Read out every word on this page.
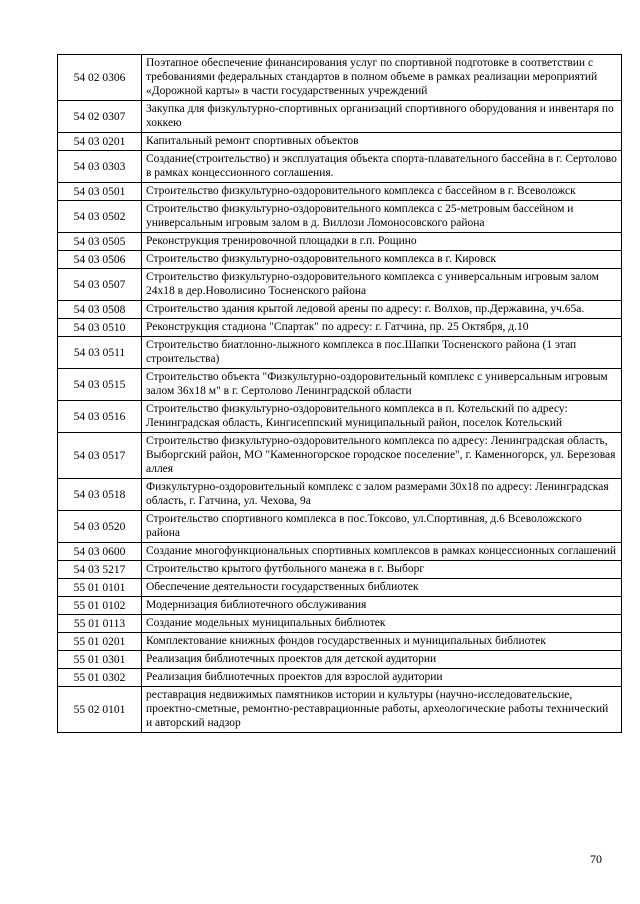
54 02 0306	Поэтапное обеспечение финансирования услуг по спортивной подготовке в соответствии с требованиями федеральных стандартов в полном объеме в рамках реализации мероприятий «Дорожной карты» в части государственных учреждений
54 02 0307	Закупка для физкультурно-спортивных организаций спортивного оборудования и инвентаря по хоккею
54 03 0201	Капитальный ремонт спортивных объектов
54 03 0303	Создание(строительство) и эксплуатация объекта спорта-плавательного бассейна в г. Сертолово в рамках концессионного соглашения.
54 03 0501	Строительство физкультурно-оздоровительного комплекса с бассейном в г. Всеволожск
54 03 0502	Строительство физкультурно-оздоровительного комплекса с 25-метровым бассейном и универсальным игровым залом в д. Виллози Ломоносовского района
54 03 0505	Реконструкция тренировочной площадки в г.п. Рощино
54 03 0506	Строительство физкультурно-оздоровительного комплекса в г. Кировск
54 03 0507	Строительство физкультурно-оздоровительного комплекса с универсальным игровым залом 24х18 в дер.Новолисино Тосненского района
54 03 0508	Строительство здания крытой ледовой арены по адресу: г. Волхов, пр.Державина, уч.65а.
54 03 0510	Реконструкция стадиона "Спартак" по адресу: г. Гатчина, пр. 25 Октября, д.10
54 03 0511	Строительство биатлонно-лыжного комплекса в пос.Шапки Тосненского района (1 этап строительства)
54 03 0515	Строительство объекта "Физкультурно-оздоровительный комплекс с универсальным игровым залом 36х18 м" в г. Сертолово Ленинградской области
54 03 0516	Строительство физкультурно-оздоровительного комплекса в п. Котельский по адресу: Ленинградская область, Кингисеппский муниципальный район, поселок Котельский
54 03 0517	Строительство физкультурно-оздоровительного комплекса по адресу: Ленинградская область, Выборгский район, МО "Каменногорское городское поселение", г. Каменногорск, ул. Березовая аллея
54 03 0518	Физкультурно-оздоровительный комплекс с залом размерами 30х18 по адресу: Ленинградская область, г. Гатчина, ул. Чехова, 9а
54 03 0520	Строительство спортивного комплекса в пос.Токсово, ул.Спортивная, д.6 Всеволожского района
54 03 0600	Создание многофункциональных спортивных комплексов в рамках концессионных соглашений
54 03 5217	Строительство крытого футбольного манежа в г. Выборг
55 01 0101	Обеспечение деятельности государственных библиотек
55 01 0102	Модернизация библиотечного обслуживания
55 01 0113	Создание модельных муниципальных библиотек
55 01 0201	Комплектование книжных фондов государственных и муниципальных библиотек
55 01 0301	Реализация библиотечных проектов для детской аудитории
55 01 0302	Реализация библиотечных проектов для взрослой аудитории
55 02 0101	реставрация недвижимых памятников истории и культуры (научно-исследовательские, проектно-сметные, ремонтно-реставрационные работы, археологические работы технический и авторский надзор
70
